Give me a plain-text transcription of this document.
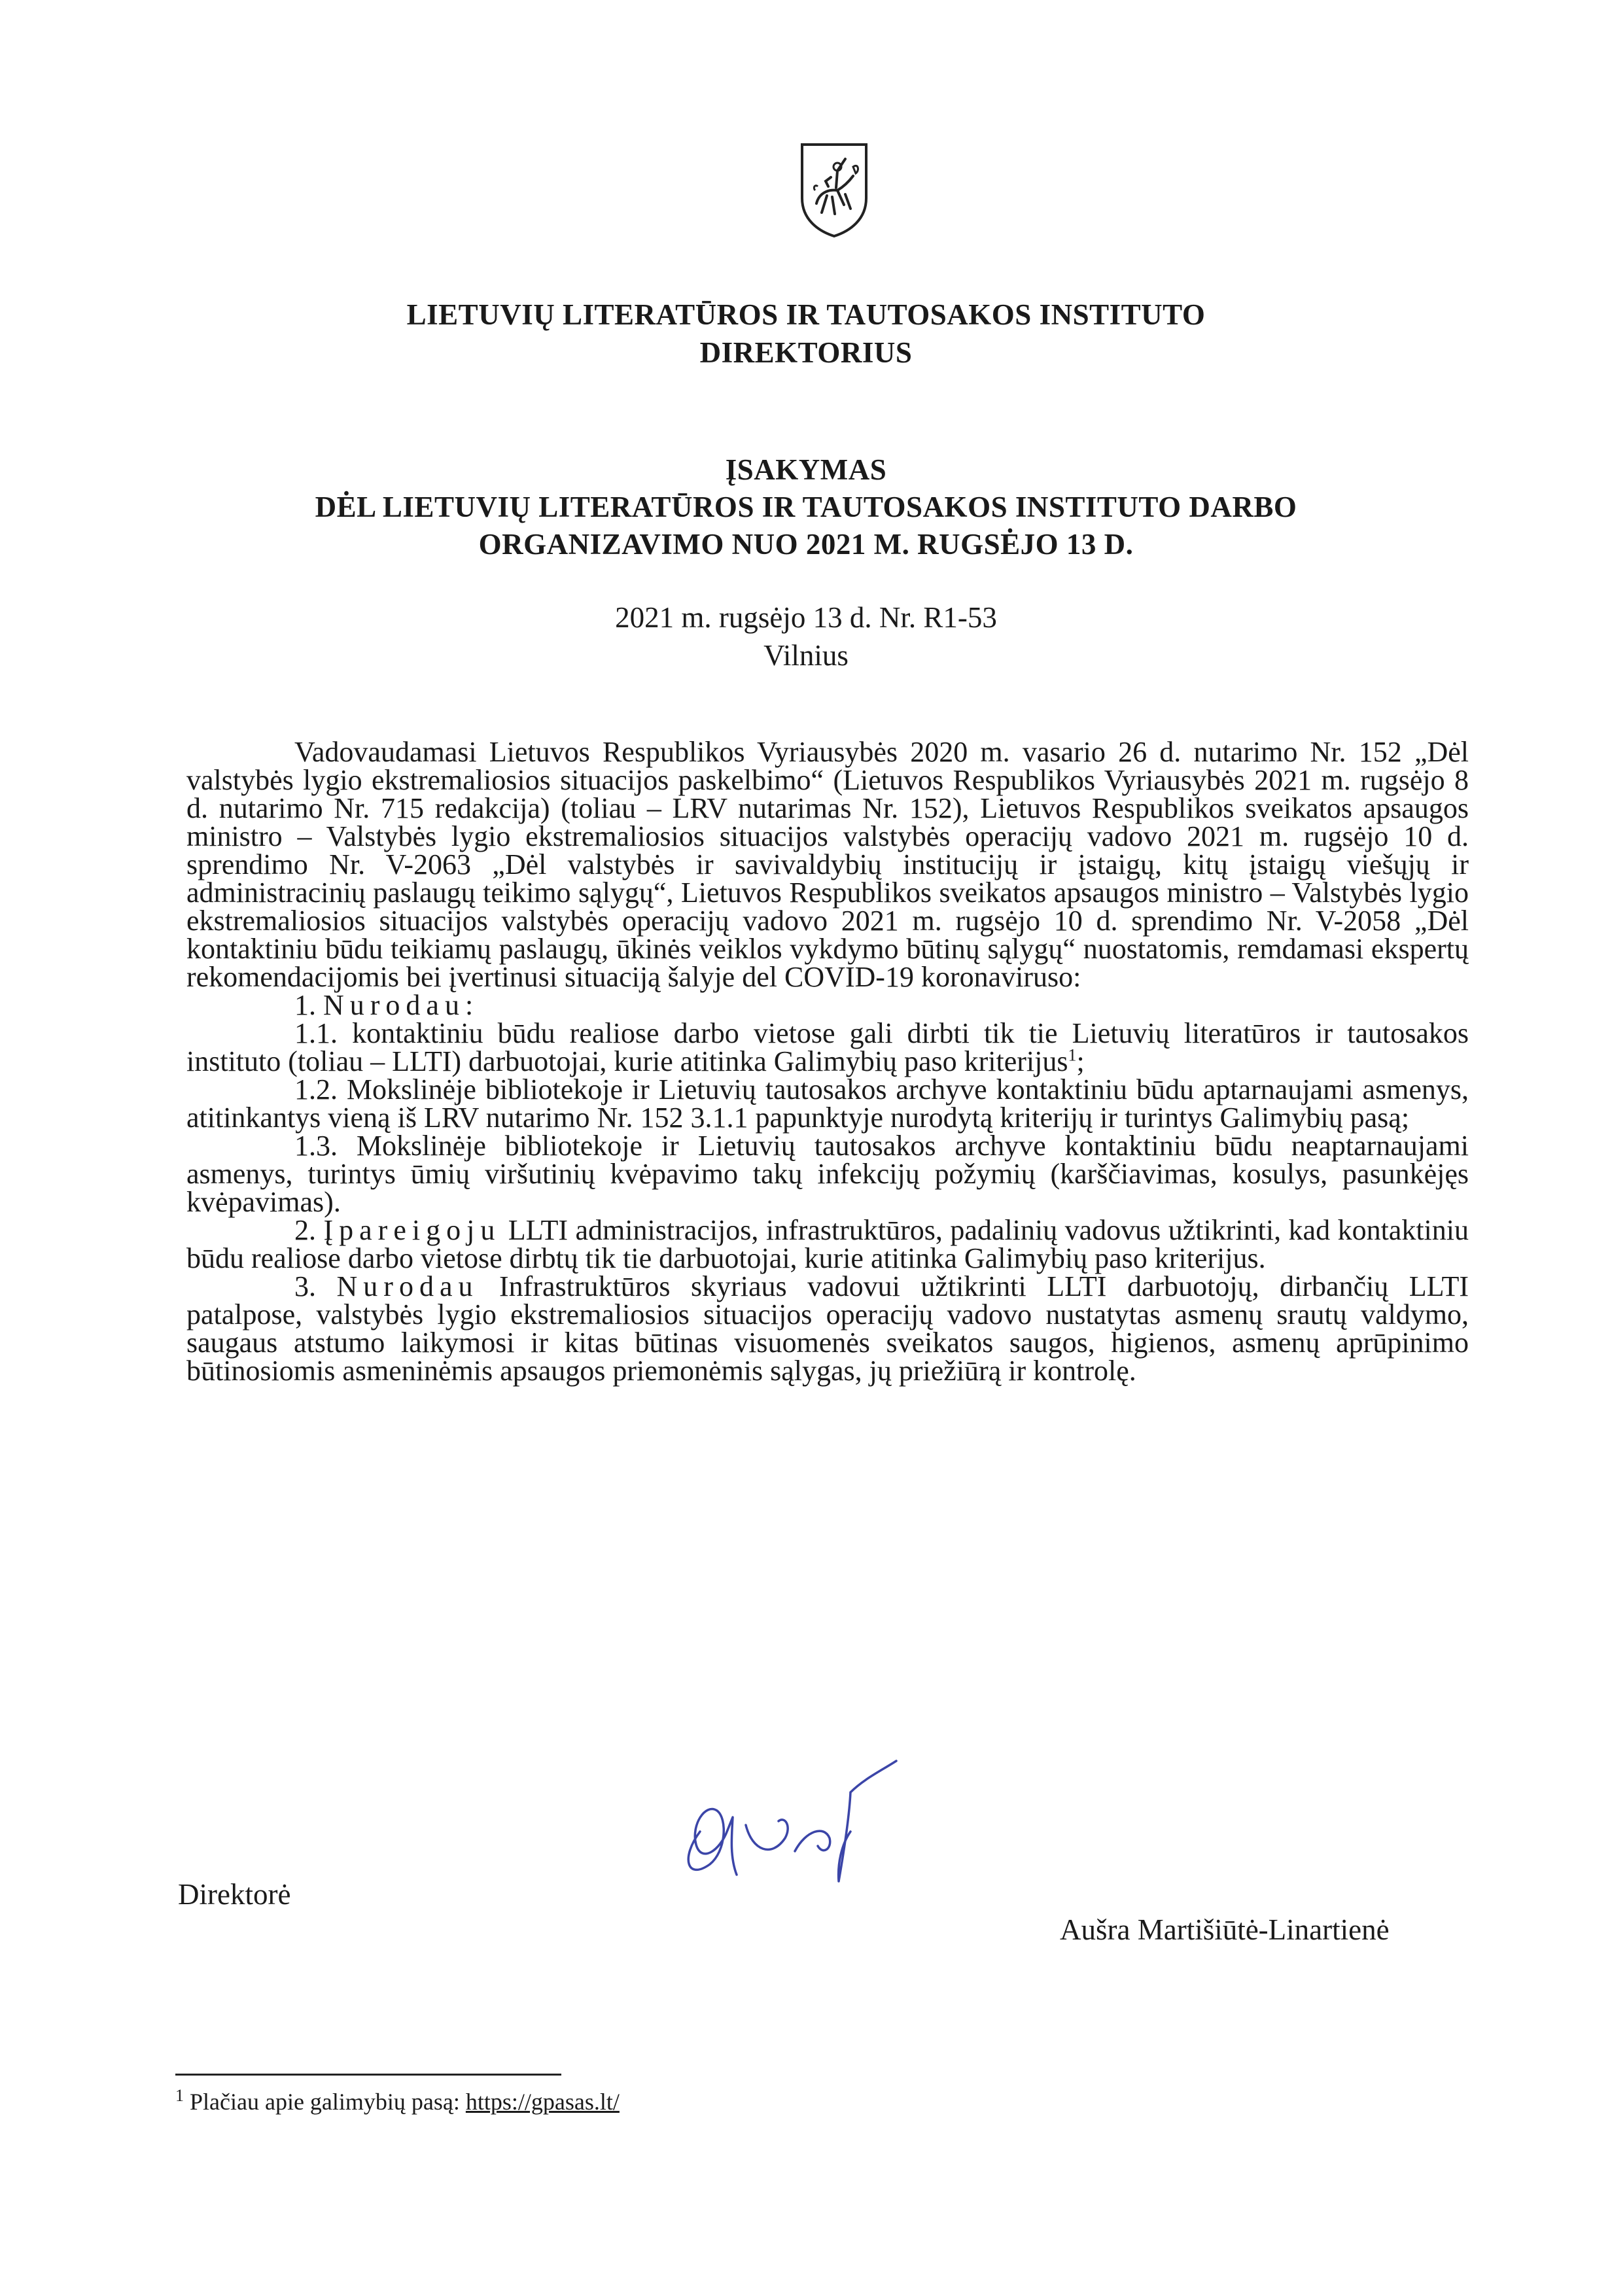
LIETUVIŲ LITERATŪROS IR TAUTOSAKOS INSTITUTO
DIREKTORIUS
ĮSAKYMAS
DĖL LIETUVIŲ LITERATŪROS IR TAUTOSAKOS INSTITUTO DARBO
ORGANIZAVIMO NUO 2021 M. RUGSĖJO 13 D.
2021 m. rugsėjo 13 d. Nr. R1-53
Vilnius

Vadovaudamasi Lietuvos Respublikos Vyriausybės 2020 m. vasario 26 d. nutarimo Nr. 152 „Dėl valstybės lygio ekstremaliosios situacijos paskelbimo“ (Lietuvos Respublikos Vyriausybės 2021 m. rugsėjo 8 d. nutarimo Nr. 715 redakcija) (toliau – LRV nutarimas Nr. 152), Lietuvos Respublikos sveikatos apsaugos ministro – Valstybės lygio ekstremaliosios situacijos valstybės operacijų vadovo 2021 m. rugsėjo 10 d. sprendimo Nr. V-2063 „Dėl valstybės ir savivaldybių institucijų ir įstaigų, kitų įstaigų viešųjų ir administracinių paslaugų teikimo sąlygų“, Lietuvos Respublikos sveikatos apsaugos ministro – Valstybės lygio ekstremaliosios situacijos valstybės operacijų vadovo 2021 m. rugsėjo 10 d. sprendimo Nr. V-2058 „Dėl kontaktiniu būdu teikiamų paslaugų, ūkinės veiklos vykdymo būtinų sąlygų“ nuostatomis, remdamasi ekspertų rekomendacijomis bei įvertinusi situaciją šalyje del COVID-19 koronaviruso:

1. Nurodau:

1.1. kontaktiniu būdu realiose darbo vietose gali dirbti tik tie Lietuvių literatūros ir tautosakos instituto (toliau – LLTI) darbuotojai, kurie atitinka Galimybių paso kriterijus$^1$;

1.2. Mokslinėje bibliotekoje ir Lietuvių tautosakos archyve kontaktiniu būdu aptarnaujami asmenys, atitinkantys vieną iš LRV nutarimo Nr. 152 3.1.1 papunktyje nurodytą kriterijų ir turintys Galimybių pasą;

1.3. Mokslinėje bibliotekoje ir Lietuvių tautosakos archyve kontaktiniu būdu neaptarnaujami asmenys, turintys ūmių viršutinių kvėpavimo takų infekcijų požymių (karščiavimas, kosulys, pasunkėjęs kvėpavimas).

2. Įpareigoju LLTI administracijos, infrastruktūros, padalinių vadovus užtikrinti, kad kontaktiniu būdu realiose darbo vietose dirbtų tik tie darbuotojai, kurie atitinka Galimybių paso kriterijus.

3. Nurodau Infrastruktūros skyriaus vadovui užtikrinti LLTI darbuotojų, dirbančių LLTI patalpose, valstybės lygio ekstremaliosios situacijos operacijų vadovo nustatytas asmenų srautų valdymo, saugaus atstumo laikymosi ir kitas būtinas visuomenės sveikatos saugos, higienos, asmenų aprūpinimo būtinosiomis asmeninėmis apsaugos priemonėmis sąlygas, jų priežiūrą ir kontrolę.

Direktorė
Aušra Martišiūtė-Linartienė
$^1$ Plačiau apie galimybių pasą: https://gpasas.lt/
